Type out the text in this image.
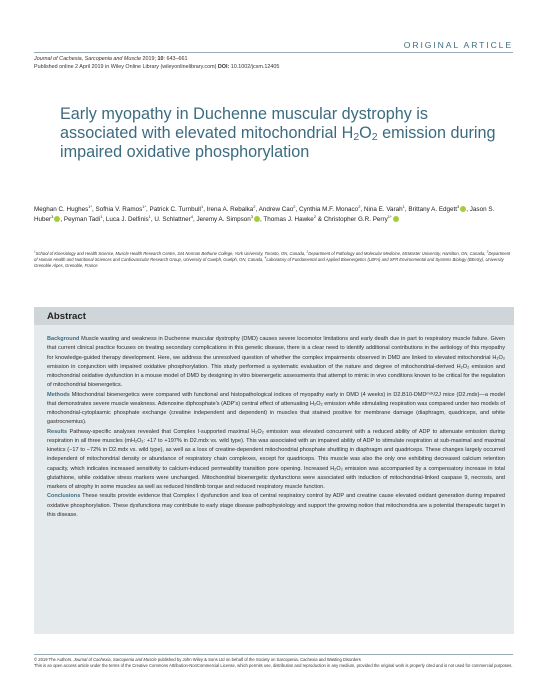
ORIGINAL ARTICLE
Journal of Cachexia, Sarcopenia and Muscle 2019; 10: 643–661
Published online 2 April 2019 in Wiley Online Library (wileyonlinelibrary.com) DOI: 10.1002/jcsm.12405
Early myopathy in Duchenne muscular dystrophy is associated with elevated mitochondrial $H_2O_2$ emission during impaired oxidative phosphorylation
Meghan C. Hughes$^{1*}$, Sofhia V. Ramos$^{1*}$, Patrick C. Turnbull$^1$, Irena A. Rebalka$^2$, Andrew Cao$^2$, Cynthia M.F. Monaco$^2$, Nina E. Varah$^1$, Brittany A. Edgett$^3$ , Jason S. Huber$^3$ , Peyman Tadi$^1$, Luca J. Delfinis$^1$, U. Schlattner$^4$, Jeremy A. Simpson$^3$ , Thomas J. Hawke$^2$ & Christopher G.R. Perry$^{1*}$
$^1$School of Kinesiology and Health Science, Muscle Health Research Centre, 344 Norman Bethune College, York University, Toronto, ON, Canada, $^2$Department of Pathology and Molecular Medicine, McMaster University, Hamilton, ON, Canada, $^3$Department of Human Health and Nutritional Sciences and Cardiovascular Research Group, University of Guelph, Guelph, ON, Canada, $^4$Laboratory of Fundamental and Applied Bioenergetics (LBFA) and SFR Environmental and Systems Biology (BEeSy), University Grenoble Alpes, Grenoble, France
Abstract

Background Muscle wasting and weakness in Duchenne muscular dystrophy (DMD) causes severe locomotor limitations and early death due in part to respiratory muscle failure. Given that current clinical practice focuses on treating secondary complications in this genetic disease, there is a clear need to identify additional contributions in the aetiology of this myopathy for knowledge-guided therapy development. Here, we address the unresolved question of whether the complex impairments observed in DMD are linked to elevated mitochondrial H₂O₂ emission in conjunction with impaired oxidative phosphorylation. This study performed a systematic evaluation of the nature and degree of mitochondrial-derived H₂O₂ emission and mitochondrial oxidative dysfunction in a mouse model of DMD by designing in vitro bioenergetic assessments that attempt to mimic in vivo conditions known to be critical for the regulation of mitochondrial bioenergetics.

Methods Mitochondrial bioenergetics were compared with functional and histopathological indices of myopathy early in DMD (4 weeks) in D2.B10-DMDᵐᵈˣ/2J mice (D2.mdx)—a model that demonstrates severe muscle weakness. Adenosine diphosphate's (ADP's) central effect of attenuating H₂O₂ emission while stimulating respiration was compared under two models of mitochondrial-cytoplasmic phosphate exchange (creatine independent and dependent) in muscles that stained positive for membrane damage (diaphragm, quadriceps, and white gastrocnemius).

Results Pathway-specific analyses revealed that Complex I-supported maximal H₂O₂ emission was elevated concurrent with a reduced ability of ADP to attenuate emission during respiration in all three muscles (mH₂O₂: +17 to +197% in D2.mdx vs. wild type). This was associated with an impaired ability of ADP to stimulate respiration at sub-maximal and maximal kinetics (−17 to −72% in D2.mdx vs. wild type), as well as a loss of creatine-dependent mitochondrial phosphate shuttling in diaphragm and quadriceps. These changes largely occurred independent of mitochondrial density or abundance of respiratory chain complexes, except for quadriceps. This muscle was also the only one exhibiting decreased calcium retention capacity, which indicates increased sensitivity to calcium-induced permeability transition pore opening. Increased H₂O₂ emission was accompanied by a compensatory increase in total glutathione, while oxidative stress markers were unchanged. Mitochondrial bioenergetic dysfunctions were associated with induction of mitochondrial-linked caspase 9, necrosis, and markers of atrophy in some muscles as well as reduced hindlimb torque and reduced respiratory muscle function.

Conclusions These results provide evidence that Complex I dysfunction and loss of central respiratory control by ADP and creatine cause elevated oxidant generation during impaired oxidative phosphorylation. These dysfunctions may contribute to early stage disease pathophysiology and support the growing notion that mitochondria are a potential therapeutic target in this disease.

© 2019 The Authors. Journal of Cachexia, Sarcopenia and Muscle published by John Wiley & Sons Ltd on behalf of the Society on Sarcopenia, Cachexia and Wasting Disorders
This is an open access article under the terms of the Creative Commons Attribution-NonCommercial License, which permits use, distribution and reproduction in any medium, provided the original work is properly cited and is not used for commercial purposes.
